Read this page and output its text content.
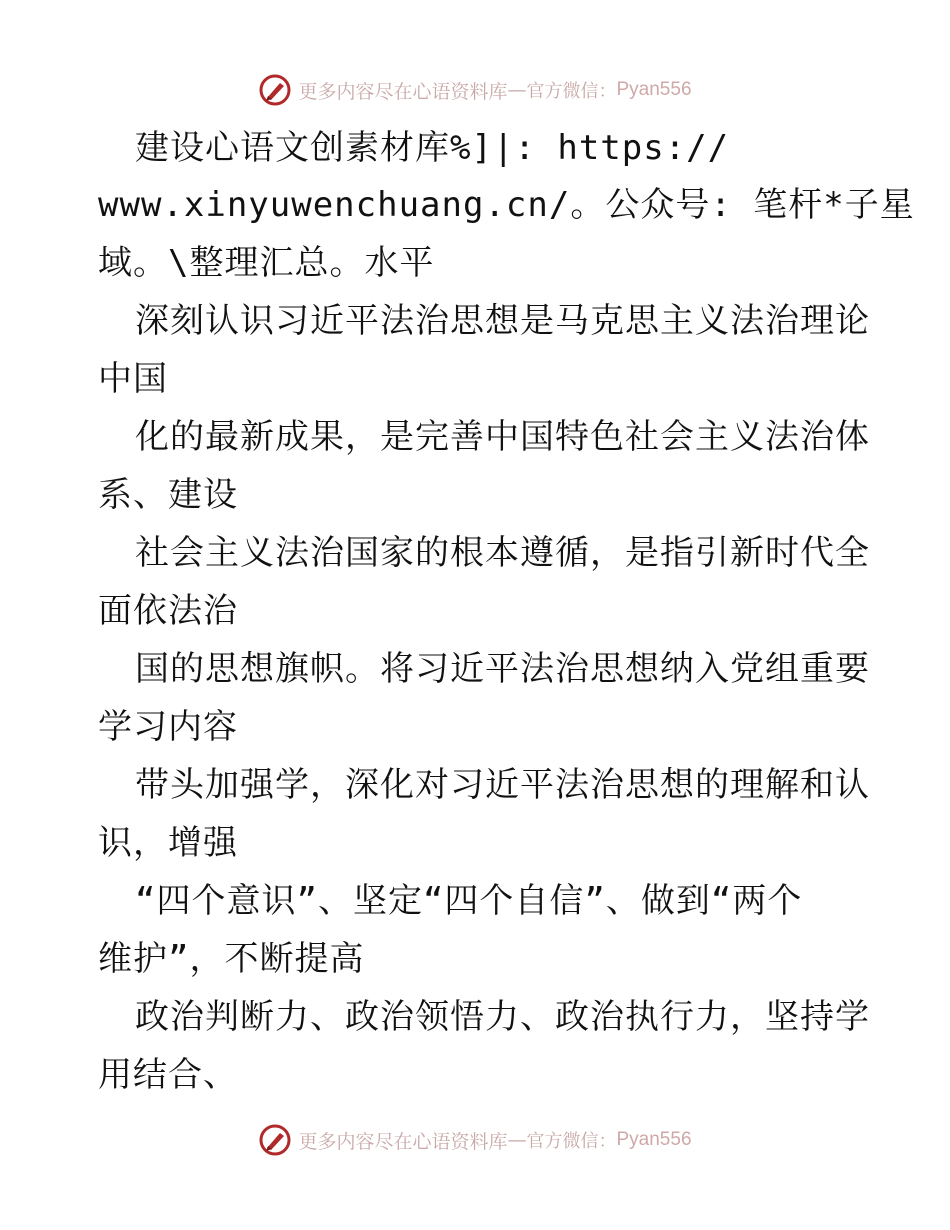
更多内容尽在心语资料库 — 官方微信： Pyan556
建设心语文创素材库%]|: https://
www.xinyuwenchuang.cn/。公众号: 笔杆*子星
域。\整理汇总。水平
深刻认识习近平法治思想是马克思主义法治理论
中国
化的最新成果，是完善中国特色社会主义法治体
系、建设
社会主义法治国家的根本遵循，是指引新时代全
面依法治
国的思想旗帜。将习近平法治思想纳入党组重要
学习内容
带头加强学，深化对习近平法治思想的理解和认
识，增强
“四个意识”、坚定“四个自信”、做到“两个
维护”，不断提高
政治判断力、政治领悟力、政治执行力，坚持学
用结合、
更多内容尽在心语资料库 — 官方微信： Pyan556
